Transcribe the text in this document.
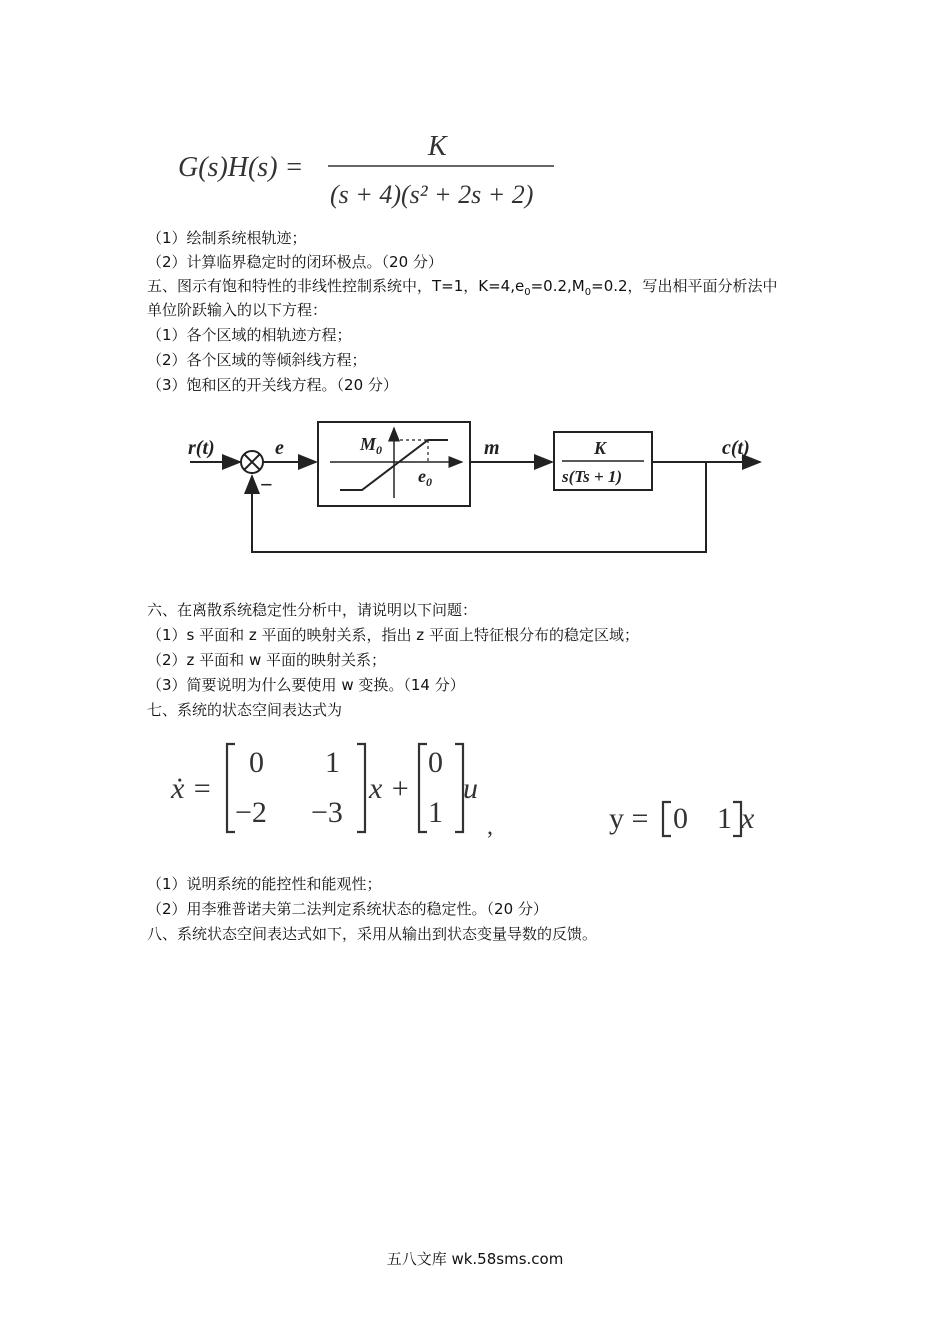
G(s)H(s) =
K
(s + 4)(s² + 2s + 2)
（1）绘制系统根轨迹；
（2）计算临界稳定时的闭环极点。（20 分）
五、图示有饱和特性的非线性控制系统中，T=1，$K=4,e_0=0.2,M_0=0.2$，写出相平面分析法中
单位阶跃输入的以下方程：
（1）各个区域的相轨迹方程；
（2）各个区域的等倾斜线方程；
（3）饱和区的开关线方程。（20 分）
r(t)
−
e	$M_0$
$e_0$
m	K
s(Ts + 1)
c(t)
六、在离散系统稳定性分析中，请说明以下问题：
（1）s 平面和 z 平面的映射关系，指出 z 平面上特征根分布的稳定区域；
（2）z 平面和 w 平面的映射关系；
（3）简要说明为什么要使用 w 变换。（14 分）
七、系统的状态空间表达式为
ẋ =
0 1
−2 −3
x +
0
1
u
,	y = 0 1 x
（1）说明系统的能控性和能观性；
（2）用李雅普诺夫第二法判定系统状态的稳定性。（20 分）
八、系统状态空间表达式如下，采用从输出到状态变量导数的反馈。
五八文库 wk.58sms.com
